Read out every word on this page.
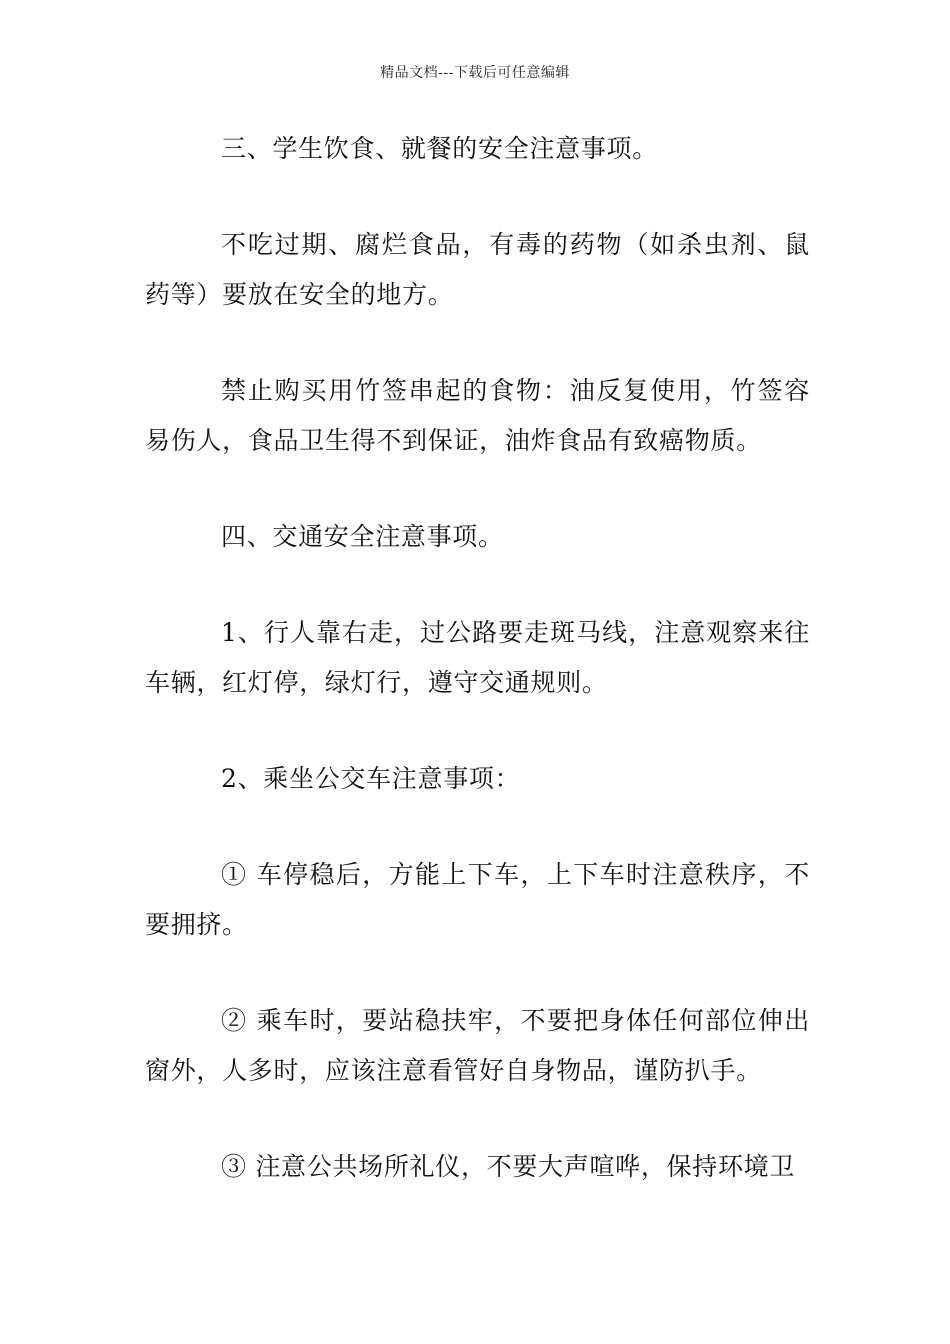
精品文档---下载后可任意编辑

三、学生饮食、就餐的安全注意事项。

不吃过期、腐烂食品，有毒的药物（如杀虫剂、鼠药等）要放在安全的地方。

禁止购买用竹签串起的食物：油反复使用，竹签容易伤人，食品卫生得不到保证，油炸食品有致癌物质。

四、交通安全注意事项。

1、行人靠右走，过公路要走斑马线，注意观察来往车辆，红灯停，绿灯行，遵守交通规则。

2、乘坐公交车注意事项：

① 车停稳后，方能上下车，上下车时注意秩序，不要拥挤。

② 乘车时，要站稳扶牢，不要把身体任何部位伸出窗外，人多时，应该注意看管好自身物品，谨防扒手。

③ 注意公共场所礼仪，不要大声喧哗，保持环境卫
